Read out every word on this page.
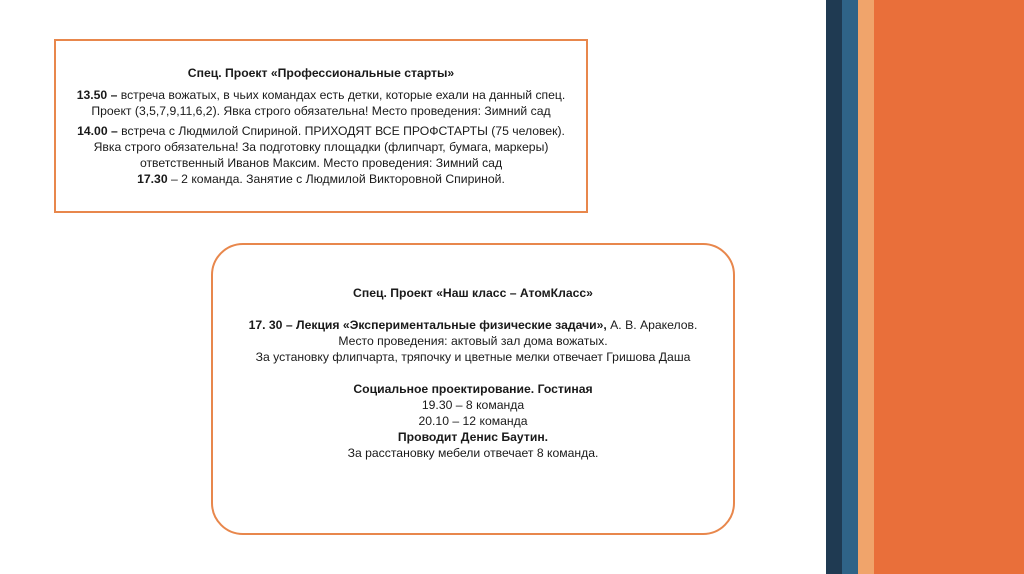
Спец. Проект «Профессиональные старты»
13.50 – встреча вожатых, в чьих командах есть детки, которые ехали на данный спец.
Проект (3,5,7,9,11,6,2). Явка строго обязательна! Место проведения: Зимний сад
14.00 – встреча с Людмилой Спириной. ПРИХОДЯТ ВСЕ ПРОФСТАРТЫ (75 человек).
Явка строго обязательна! За подготовку площадки (флипчарт, бумага, маркеры)
ответственный Иванов Максим. Место проведения: Зимний сад
17.30 – 2 команда. Занятие с Людмилой Викторовной Спириной.
Спец. Проект «Наш класс – АтомКласс»
17. 30 – Лекция «Экспериментальные физические задачи», А. В. Аракелов.
Место проведения: актовый зал дома вожатых.
За установку флипчарта, тряпочку и цветные мелки отвечает Гришова Даша
Социальное проектирование. Гостиная
19.30 – 8 команда
20.10 – 12 команда
Проводит Денис Баутин.
За расстановку мебели отвечает 8 команда.
